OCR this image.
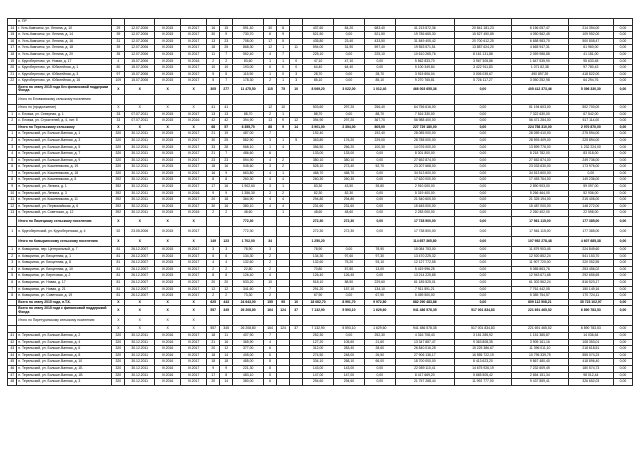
	п. ПР																		
14	г. Усть-Камчатск, ул. Ленина, д. 10	29	12.07.2006	IV.2015	IV.2017	16	15	591,40	30	8		437,60	84,20	683,40	41 213 572,36	20 841 181,23	6 156 057,47	214 394,00	0,00
15	п. Усть-Камчатск, ул. Ленина, д. 14	39	12.07.2006	IV.2015	IV.2017	30	9	730,70	6	9		521,50	0,00	521,50	19 786 665,30	15 527 450,85	4 050 562,45	109 952,00	0,00
16	п. Усть-Камчатск, ул. Ленина, д. 16	31	12.07.2006	IV.2015	IV.2017	13	23	708,00	17	5		435,80	23,40	433,50	31 849 405,42	20 700 612,25	6 658 983,70	500 808,47	0,00
17	п. Усть-Камчатск, ул. Ленина, д. 18	39	12.07.2006	IV.2015	IV.2017	18	25	868,30	12	1	11	594,00	31,90	597,40	19 553 571,51	13 887 624,20	4 665 947,31	61 960,00	0,00
18	п. Усть-Камчатск, ул. Ленина, д. 20	35	12.07.2006	IV.2015	IV.2017	11	7	552,40	4	7		225,10	0,00	225,10	10 610 265,76	8 161 131,88	2 059 988,88	41 181,00	0,00
19	с. Кругоберегово, ул. Новая, д. 17	4	15.07.2006	IV.2015	IV.2016	2	2	83,60	1	1	0	47,10	47,10	0,00	5 562 833,70	3 967 305,86	1 647 535,90	95 633,48	0,00
20	с. Кругоберегово, ул. Юбилейная, д. 1	80	15.07.2006	IV.2015	IV.2017	10	10	193,00	6	0	0	64,40	64,40	0,00	5 100 349,84	3 422 911,83	1 071 82,38	97 780,43	0,00
21	с. Кругоберегово, ул. Юбилейная, д. 3	97	15.07.2006	IV.2015	IV.2017	5	5	115,90	1	0	3	28,70	0,00	28,70	3 915 806,04	3 006 035,67	490 897,39	418 822,00	0,00
22	с. Кругоберегово, ул. Юбилейная, д. 16	109	15.07.2006	IV.2015	IV.2017	5	7	178,30	2	1	3	85,10	0,00	85,10	9 270 765,81	5 726 117,27	3 050 252,98	64 294,76	0,00
	Всего по этапу 2015 года без финансовой поддержки Фонда	X	X	X	X	305	277	11 475,50	115	75	10	8 069,20	3 022,00	1 012,40	466 003 655,36	0,00	405 412 373,46	5 396 330,30	0,00
	Итого по Еловковскому сельскому поселению																		
	Итого по (продолжение)	X	X	X	X	41	41		12	10		503,60	297,20	256,40	64 756 616,00	0,00	61 194 603,00	502 700,00	0,00
1	с. Еловка, ул. Северная, д. 1	33	07.07.2011	IV.2015	IV.2017	13	13	88,70	2	1		88,70	0,00	88,70	7 516 330,00	0,00	7 322 630,00	67 542,00	0,00
2	с. Еловка, ул. Строителей, д. 4, лит. б	33	07.07.2011	IV.2015	IV.2016	42	42	394,90	13	9	12	394,90	297,20	367,70	56 988 400,00	0,00	56 471 284,00	517 114,00	0,00
	Итого по Терельскому сельскому	X	X	X	X	68	57	6 355,70	88	9	14	3 901,00	2 354,00	805,00	227 729 180,00	0,00	224 758 310,00	2 970 870,00	0,00
1	п. Терельский, ул. Больше-Ванная, д. 1	320	30.12.2011	IV.2015	IV.2017	21	19	487,00	7			192,40		192,40	28 085 000,00	0,00	28 059 410,00	275 594,00	0,00
2	п. Терельский, ул. Больше-Ванная, д. 3	320	30.12.2011	IV.2015	IV.2017	30	25	582,90	3	1	5	363,80	176,20	229,00	28 788 000,00	0,00	28 593 409,00	225 894,00	0,00
3	п. Терельский, ул. Больше-Ванная, д. 5	320	30.12.2011	IV.2015	IV.2017	33	28	568,10	1	4		356,50	256,20	100,30	14 076 000,00	0,00	13 899 776,00	1 232 224,00	0,00
4	п. Терельский, ул. Больше-Ванная, д. 7	320	30.12.2011	IV.2015	IV.2017	21	7	486,60	6			133,00	133,00	0,00	8 301 800,00	0,00	8 218 782,00	83 018,00	0,00
5	п. Терельский, ул. Больше-Ванная, д. 9	320	30.12.2011	IV.2015	IV.2017	23	23	594,90	4	2		380,10	380,10	0,00	27 652 874,00	0,00	27 652 874,00	249 736,00	0,00
6	п. Терельский, ул. Кошевникова, д. 19	320	30.12.2011	IV.2015	IV.2017	18	16	545,60	3	2		528,10	273,40	52,70	23 207 668,00	0,00	23 033 630,00	173 976,00	0,00
7	п. Терельский, ул. Кошевникова, д. 18	320	30.12.2011	IV.2015	IV.2017	16	9	663,80	4	1		468,70	468,70	0,00	34 513 600,00	0,00	34 513 600,00	0,00	0,00
8	п. Терельский, ул. Кошевникова, д. 5	392	30.12.2011	IV.2015	IV.2017	8	8	260,30	4	4		260,30	260,30	0,00	17 620 000,00	0,00	17 453 764,00	149 236,00	0,00
9	п. Терельский, ул. Ленина, д. 1	392	30.12.2011	IV.2015	IV.2017	17	16	1 902,60	3	1		83,30	43,50	39,80	2 910 000,00	0,00	2 890 903,00	59 097,00	0,00
10	п. Терельский, ул. Ленина, д. 3	392	30.12.2011	IV.2015	IV.2016	9	9	1 356,30	2	2		82,30	82,30	0,00	5 319 400,00	0,00	5 266 464,00	52 936,00	0,00
11	п. Терельский, ул. Кошевникова, д. 11	392	30.12.2011	IV.2015	IV.2017	20	18	364,90	4	4		294,80	294,80	0,00	21 540 600,00	0,00	21 325 194,00	215 406,00	0,00
12	п. Терельский, ул. Первомайская, д. 6	392	30.12.2011	IV.2015	IV.2017	30	16	380,10	4	4		231,60	231,60	0,00	15 645 000,00	0,00	15 487 000,00	148 272,00	0,00
13	п. Терельский, ул. Советская, д. 12	392	30.12.2011	IV.2015	IV.2016	2	2	48,60		1		48,60	48,60	0,00	2 283 000,00	0,00	2 260 402,00	22 598,00	0,00
	Итого по Пимецкому сельскому поселению	X	X	X	X			772,30				272,30	272,30	0,00	17 738 500,00	0,00	17 561 115,00	177 385,00	0,00
1	п. Кругоберегский, ул. Кругоберегская, д. 4	52	23.05.2006	IV.2015	IV.2017			772,30				272,30	272,30	0,00	17 738 500,00	0,00	17 561 115,00	177 385,00	0,00
	Итого по Ковыринскому сельскому поселению	X	X	X	X	149	123	1 702,00	34			1 250,20			114 657 365,80	0,00	107 952 278,48	4 607 685,38	0,00
1	п. Ковыринск, пер. Центральный, д. 7	81	26.12.2007	IV.2015	IV.2017	3	3	78,90	3			78,90	0,00	78,90	15 084 753,00	0,00	11 879 903,45	224 849,60	0,00
2	п. Ковыринск, ул. Бесценная, д. 1	81	26.12.2007	IV.2015	IV.2017	6	6	134,30	2			134,30	97,60	97,30	13 470 225,32	0,00	12 920 852,24	541 153,70	0,00
3	п. Ковыринск, ул. Бесценная, д. 8	81	26.12.2007	IV.2015	IV.2017	4	4	132,60	2			132,60	75,20	93,10	12 127 772,55	0,00	11 907 720,00	220 052,55	0,00
4	п. Ковыринск, ул. Бесценная, д. 10	81	26.12.2007	IV.2015	IV.2017	2	2	22,80	2			70,80	57,80	13,00	5 419 996,25	0,00	5 085 863,76	253 456,02	0,00
5	п. Ковыринск, ул. Береговая, д. 2	81	26.12.2007	IV.2015	IV.2017	8	8	126,40	4			126,40	126,40	0,00	13 214 225,85	0,00	12 943 671,68	292 655,65	0,00
6	п. Ковыринск, ул. Новая, д. 17	81	26.12.2007	IV.2015	IV.2017	20	20	533,20	10			518,10	88,50	229,60	61 185 525,01	0,00	61 302 562,24	816 523,17	0,00
7	п. Ковыринск, ул. Новая, д. 21	81	26.12.2007	IV.2015	IV.2017	12	12	341,60	7			291,20	157,10	134,10	7 911 591,21	0,00	7 761 442,05	150 149,16	0,00
8	п. Ковыринск, ул. Советская, д. 19	81	26.12.2007	IV.2015	IV.2017	2	2	73,30	2			67,90	0,00	67,90	5 459 500,00	0,00	5 385 754,57	170 724,11	0,00
	Всего по этапу 2015 года, п.Т.К.	X	X	X	X	625	443	24 643,00	155	95	10	18 062,70	8 991,70	9 972,80	882 290 483,86	0,00	809 112 508,21	35 723 102,97	0,00
	Всего по этапу 2015 года с финансовой поддержкой Фонда	X	X	X	X	557	345	26 208,80	164	124	37	7 132,90	5 593,10	1 629,60	941 486 578,35	517 001 834,83	221 691 465,52	6 890 783,53	0,00
	Итого по Пиретуринскому сельскому поселению	X	X	X	X														
		X	X	X	X	557	345	26 208,80	164	124	37	7 132,90	5 593,10	1 629,60	941 486 578,35	517 001 834,83	221 691 465,52	6 890 783,53	0,00
41	п. Терельский, ул. Больше-Ванная, д. 2	320	30.12.2011	IV.2016	IV.2017	18	11	407,90	7			252,30	0,00	252,30	4 316 708,43	3 151 285,92	1 151 385,87	14 036,64	0,00
42	п. Терельский, ул. Больше-Ванная, д. 4	320	30.12.2011	IV.2016	IV.2017	21	16	365,90	4			127,20	105,60	21,60	13 347 887,47	9 363 808,35	3 905 161,16	108 353,01	0,00
43	п. Терельский, ул. Больше-Ванная, д. 6	320	30.12.2011	IV.2016	IV.2017	20	12	377,00	6			312,00	283,40	28,60	26 840 016,28	15 225 386,67	11 396 011,10	218 618,51	0,00
44	п. Терельский, ул. Больше-Ванная, д. 8	320	30.12.2011	IV.2016	IV.2017	18	14	405,00	6			274,50	248,00	26,50	27 906 136,17	16 555 722,19	10 795 339,75	555 074,23	0,00
45	п. Терельский, ул. Больше-Ванная, д. 10	320	30.12.2011	IV.2016	IV.2017	18	18	485,00	8			334,10	268,10	66,00	18 700 000,00	8 413 623,20	9 867 480,40	418 896,40	0,00
46	п. Терельский, ул. Больше-Ванная, д. 1Б	320	30.12.2011	IV.2016	IV.2017	9	9	221,30	8			143,00	143,00	0,00	22 089 110,41	14 675 926,19	7 232 609,49	180 574,73	0,00
47	п. Терельский, ул. Больше-Ванная, д. 1В	320	30.12.2011	IV.2016	IV.2017	17	8	483,10	5			147,00	147,00	0,00	8 417 669,20	5 665 505,42	2 654 151,34	98 012,44	0,00
48	п. Терельский, ул. Больше-Ванная, д. 3	320	30.12.2011	IV.2016	IV.2017	20	14	380,00	6			294,60	294,60	0,00	21 757 288,44	11 992 777,00	9 437 859,41	326 652,03	0,00
